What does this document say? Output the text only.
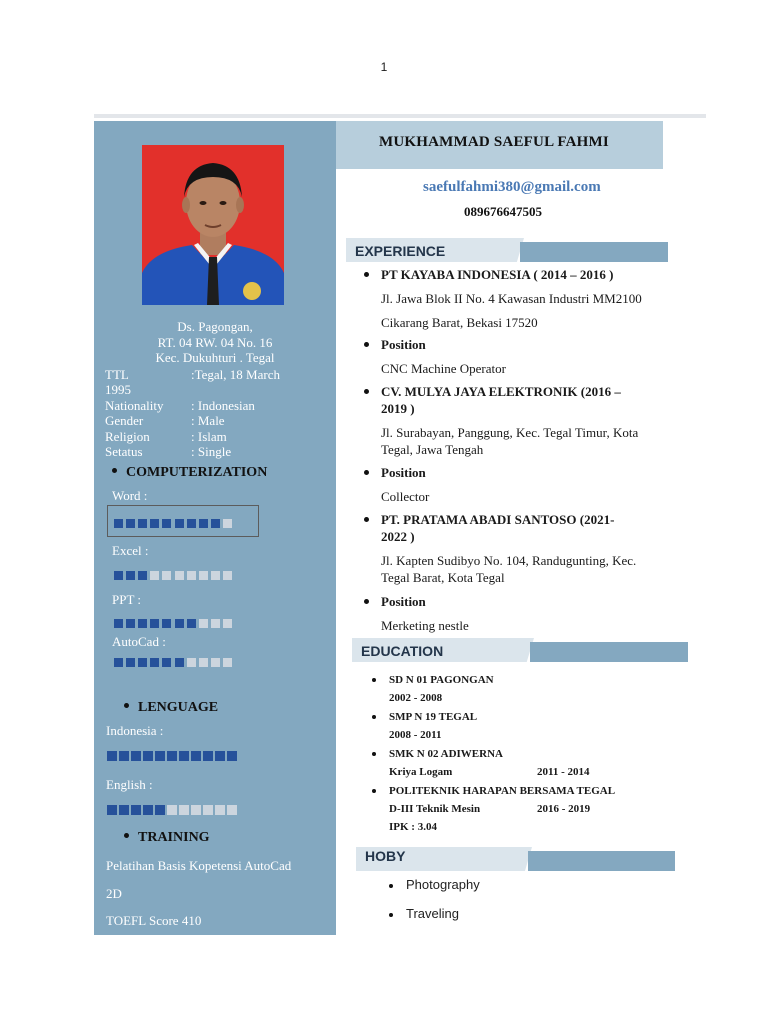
1
Ds. Pagongan,
RT. 04 RW. 04 No. 16
Kec. Dukuhturi . Tegal
TTL	:Tegal, 18 March
1995
Nationality : Indonesian
Gender	: Male
Religion	: Islam
Setatus	: Single
COMPUTERIZATION
Word :
Excel :
PPT :
AutoCad :
LENGUAGE
Indonesia :
English :
TRAINING
Pelatihan Basis Kopetensi AutoCad
2D
TOEFL Score 410
MUKHAMMAD SAEFUL FAHMI
saefulfahmi380@gmail.com
089676647505
EXPERIENCE
PT KAYABA INDONESIA ( 2014 – 2016 )
Jl. Jawa Blok II No. 4 Kawasan Industri MM2100
Cikarang Barat, Bekasi 17520
Position
CNC Machine Operator
CV. MULYA JAYA ELEKTRONIK (2016 –
2019 )
Jl. Surabayan, Panggung, Kec. Tegal Timur, Kota
Tegal, Jawa Tengah
Position
Collector
PT. PRATAMA ABADI SANTOSO (2021-
2022 )
Jl. Kapten Sudibyo No. 104, Randugunting, Kec.
Tegal Barat, Kota Tegal
Position
Merketing nestle
EDUCATION
SD N 01 PAGONGAN
2002 - 2008
SMP N 19 TEGAL
2008 - 2011
SMK N 02 ADIWERNA
Kriya Logam	2011 - 2014
POLITEKNIK HARAPAN BERSAMA TEGAL
D-III Teknik Mesin	2016 - 2019
IPK : 3.04
HOBY
Photography
Traveling
